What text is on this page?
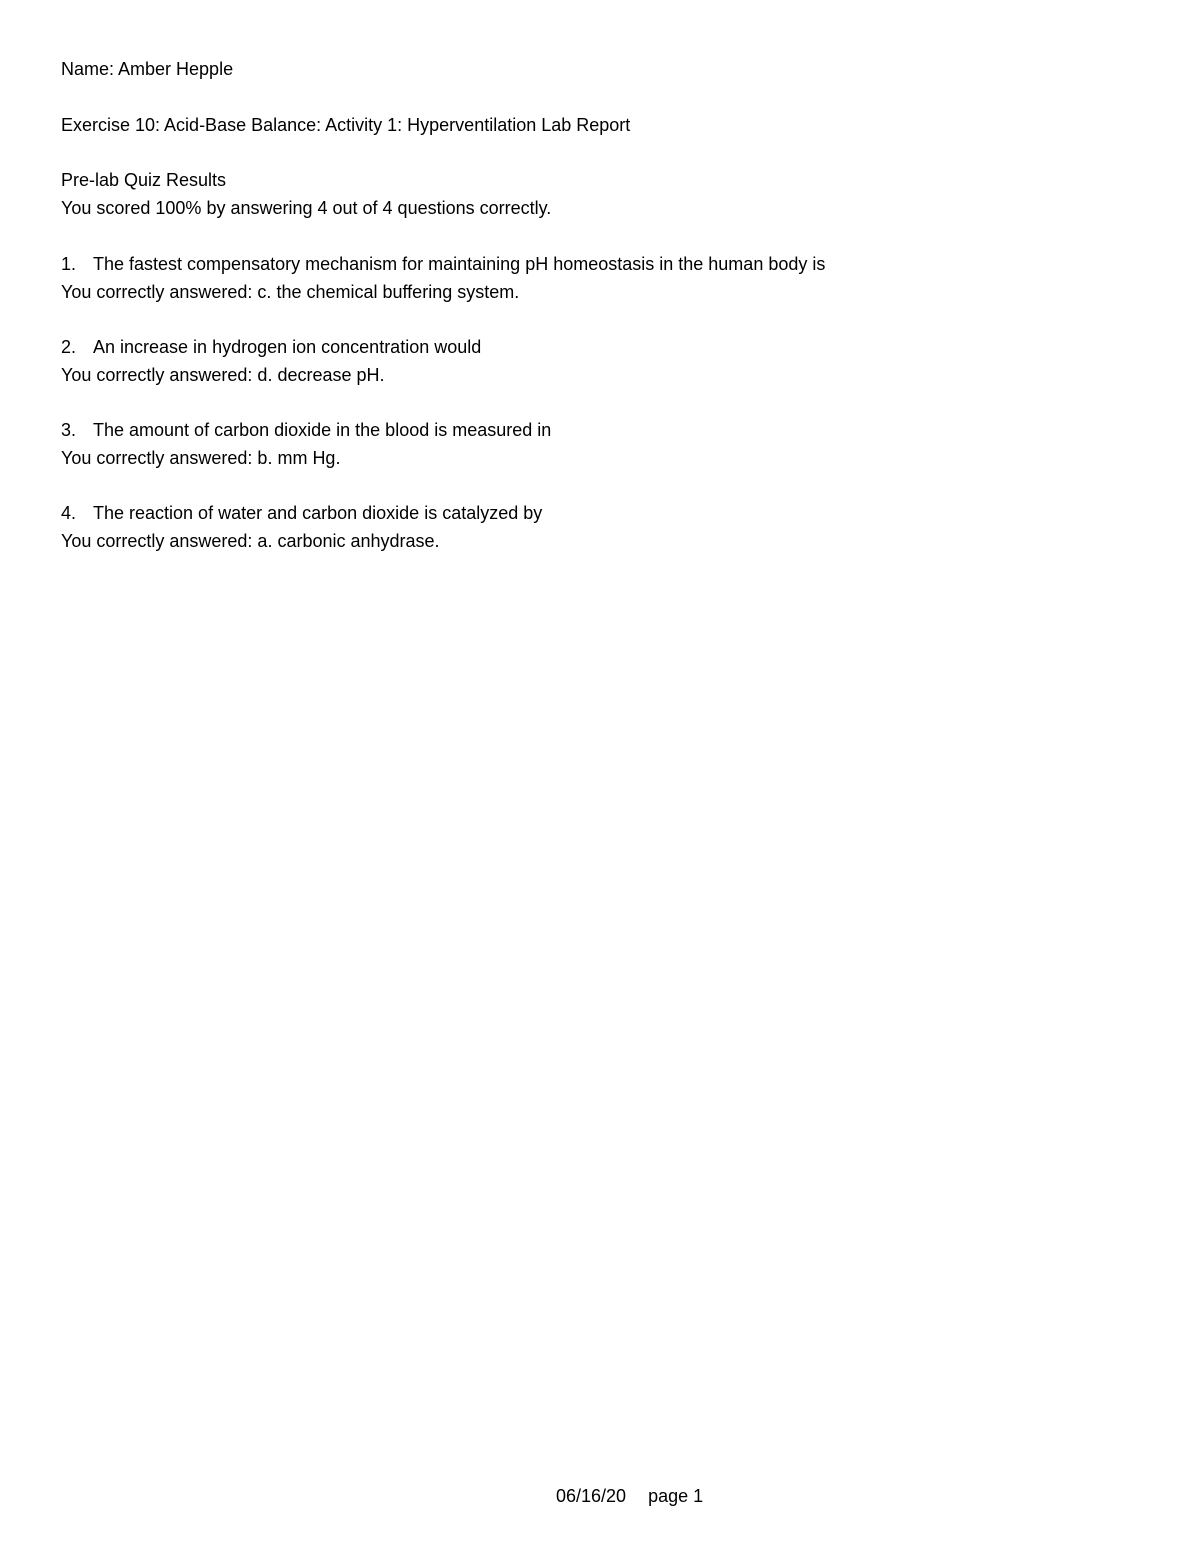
Name: Amber Hepple
Exercise 10: Acid-Base Balance: Activity 1: Hyperventilation Lab Report
Pre-lab Quiz Results
You scored 100% by answering 4 out of 4 questions correctly.
1. The fastest compensatory mechanism for maintaining pH homeostasis in the human body is
You correctly answered: c. the chemical buffering system.
2. An increase in hydrogen ion concentration would
You correctly answered: d. decrease pH.
3. The amount of carbon dioxide in the blood is measured in
You correctly answered: b. mm Hg.
4. The reaction of water and carbon dioxide is catalyzed by
You correctly answered: a. carbonic anhydrase.
06/16/20 page 1
